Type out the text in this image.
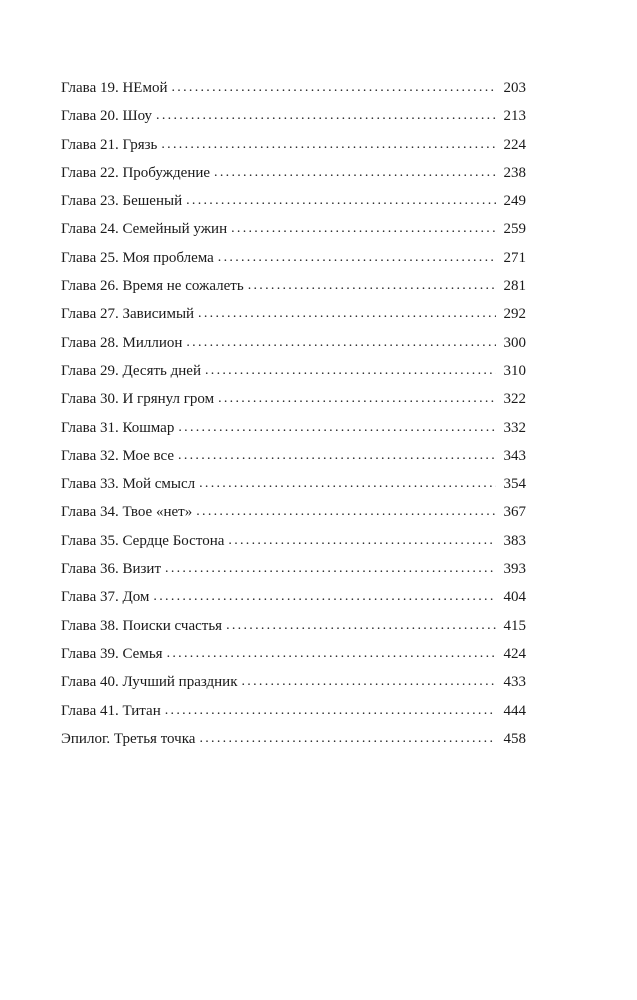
Глава 19. НЕмой . . .	203
Глава 20. Шоу . . .	213
Глава 21. Грязь . . .	224
Глава 22. Пробуждение . . .	238
Глава 23. Бешеный . . .	249
Глава 24. Семейный ужин . . .	259
Глава 25. Моя проблема . . .	271
Глава 26. Время не сожалеть . . .	281
Глава 27. Зависимый . . .	292
Глава 28. Миллион . . .	300
Глава 29. Десять дней . . .	310
Глава 30. И грянул гром . . .	322
Глава 31. Кошмар . . .	332
Глава 32. Мое все . . .	343
Глава 33. Мой смысл . . .	354
Глава 34. Твое «нет» . . .	367
Глава 35. Сердце Бостона . . .	383
Глава 36. Визит . . .	393
Глава 37. Дом . . .	404
Глава 38. Поиски счастья . . .	415
Глава 39. Семья . . .	424
Глава 40. Лучший праздник . . .	433
Глава 41. Титан . . .	444
Эпилог. Третья точка . . .	458
